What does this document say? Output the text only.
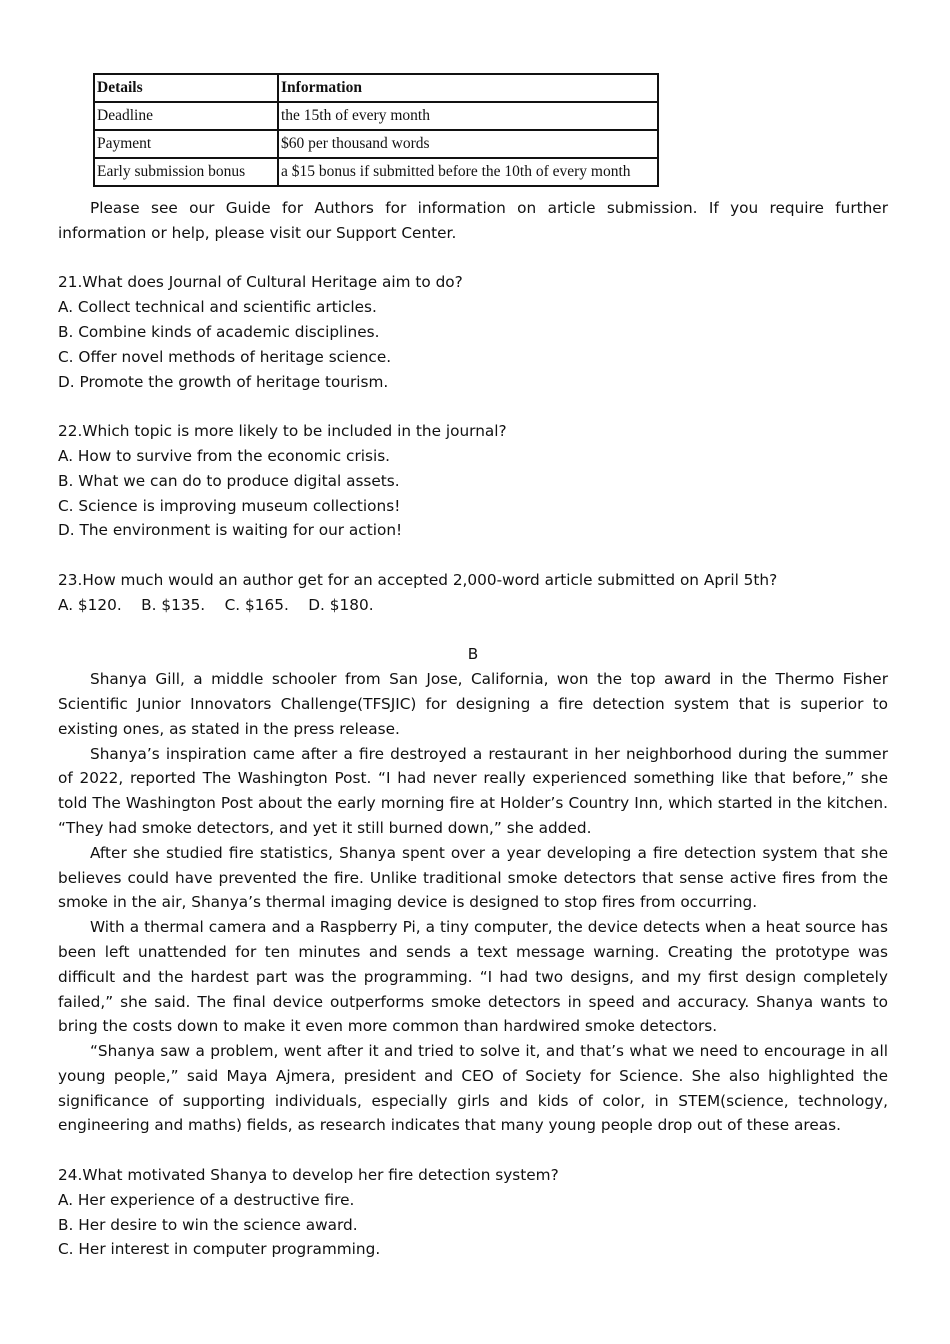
Details	Information
Deadline	the 15th of every month
Payment	$60 per thousand words
Early submission bonus	a $15 bonus if submitted before the 10th of every month

Please see our Guide for Authors for information on article submission. If you require further information or help, please visit our Support Center.

21.What does Journal of Cultural Heritage aim to do?

A. Collect technical and scientific articles.

B. Combine kinds of academic disciplines.

C. Offer novel methods of heritage science.

D. Promote the growth of heritage tourism.

22.Which topic is more likely to be included in the journal?

A. How to survive from the economic crisis.

B. What we can do to produce digital assets.

C. Science is improving museum collections!

D. The environment is waiting for our action!

23.How much would an author get for an accepted 2,000-word article submitted on April 5th?

A. $120.    B. $135.    C. $165.    D. $180.

B

Shanya Gill, a middle schooler from San Jose, California, won the top award in the Thermo Fisher Scientific Junior Innovators Challenge(TFSJIC) for designing a fire detection system that is superior to existing ones, as stated in the press release.

Shanya’s inspiration came after a fire destroyed a restaurant in her neighborhood during the summer of 2022, reported The Washington Post. “I had never really experienced something like that before,” she told The Washington Post about the early morning fire at Holder’s Country Inn, which started in the kitchen. “They had smoke detectors, and yet it still burned down,” she added.

After she studied fire statistics, Shanya spent over a year developing a fire detection system that she believes could have prevented the fire. Unlike traditional smoke detectors that sense active fires from the smoke in the air, Shanya’s thermal imaging device is designed to stop fires from occurring.

With a thermal camera and a Raspberry Pi, a tiny computer, the device detects when a heat source has been left unattended for ten minutes and sends a text message warning. Creating the prototype was difficult and the hardest part was the programming. “I had two designs, and my first design completely failed,” she said. The final device outperforms smoke detectors in speed and accuracy. Shanya wants to bring the costs down to make it even more common than hardwired smoke detectors.

“Shanya saw a problem, went after it and tried to solve it, and that’s what we need to encourage in all young people,” said Maya Ajmera, president and CEO of Society for Science. She also highlighted the significance of supporting individuals, especially girls and kids of color, in STEM(science, technology, engineering and maths) fields, as research indicates that many young people drop out of these areas.

24.What motivated Shanya to develop her fire detection system?

A. Her experience of a destructive fire.

B. Her desire to win the science award.

C. Her interest in computer programming.
